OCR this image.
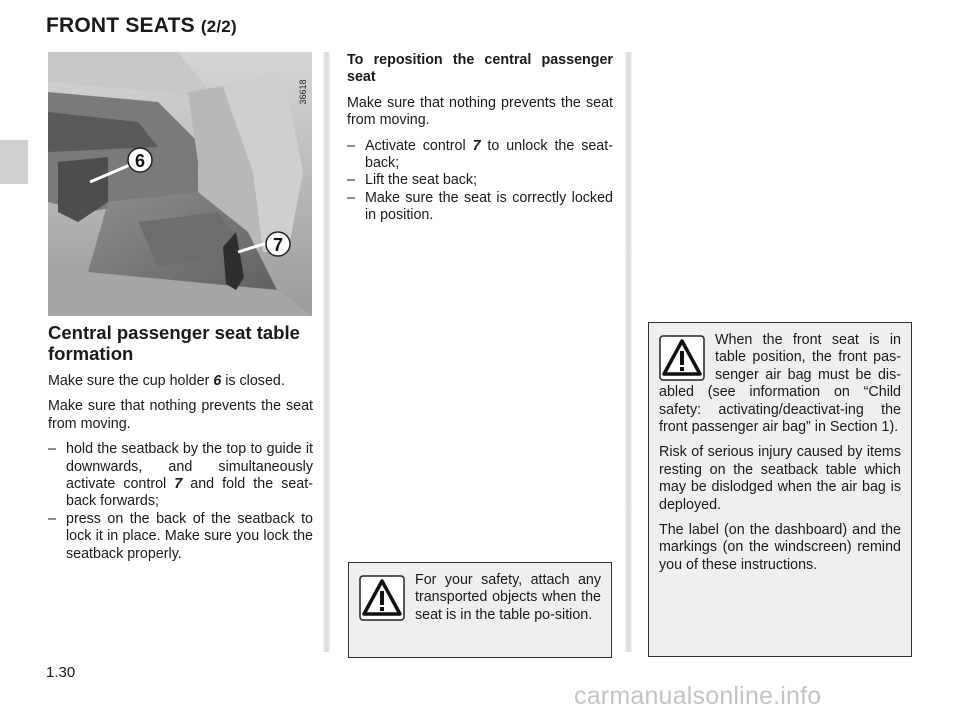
FRONT SEATS (2/2)
6
7
36618
Central passenger seat table formation

Make sure the cup holder 6 is closed.

Make sure that nothing prevents the seat from moving.

– hold the seatback by the top to guide it downwards, and simultaneously activate control 7 and fold the seat-back forwards;
– press on the back of the seatback to lock it in place. Make sure you lock the seatback properly.

To reposition the central passenger seat

Make sure that nothing prevents the seat from moving.

– Activate control 7 to unlock the seat-back;
– Lift the seat back;
– Make sure the seat is correctly locked in position.

When the front seat is in table position, the front pas-senger air bag must be dis-abled (see information on “Child safety: activating/deactivat-ing the front passenger air bag” in Section 1).

Risk of serious injury caused by items resting on the seatback table which may be dislodged when the air bag is deployed.

The label (on the dashboard) and the markings (on the windscreen) remind you of these instructions.

For your safety, attach any transported objects when the seat is in the table po-sition.

1.30
carmanualsonline.info
